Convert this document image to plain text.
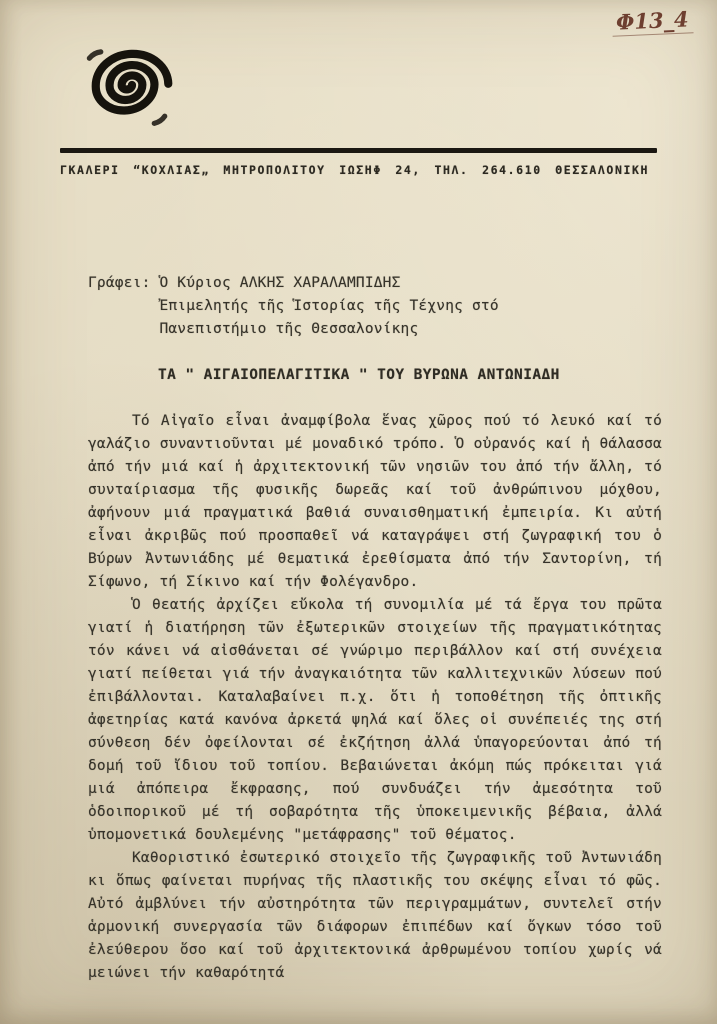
Φ13_4
ΓΚΑΛΕΡΙ “ΚΟΧΛΙΑΣ„ ΜΗΤΡΟΠΟΛΙΤΟΥ ΙΩΣΗΦ 24, ΤΗΛ. 264.610 ΘΕΣΣΑΛΟΝΙΚΗ
Γράφει: Ὁ Κύριος ΑΛΚΗΣ ΧΑΡΑΛΑΜΠΙΔΗΣ
Ἐπιμελητής τῆς Ἱστορίας τῆς Τέχνης στό
Πανεπιστήμιο τῆς Θεσσαλονίκης
ΤΑ " ΑΙΓΑΙΟΠΕΛΑΓΙΤΙΚΑ " ΤΟΥ ΒΥΡΩΝΑ ΑΝΤΩΝΙΑΔΗ

Τό Αἰγαῖο εἶναι ἀναμφίβολα ἕνας χῶρος πού τό λευκό καί τό γαλάζιο συναντιοῦνται μέ μοναδικό τρόπο. Ὁ οὐρανός καί ἡ θάλασσα ἀπό τήν μιά καί ἡ ἀρχιτεκτονική τῶν νησιῶν του ἀπό τήν ἄλλη, τό συνταίριασμα τῆς φυσικῆς δωρεᾶς καί τοῦ ἀνθρώπινου μόχθου, ἀφήνουν μιά πραγματικά βαθιά συναισθηματική ἐμπειρία. Κι αὐτή εἶναι ἀκριβῶς πού προσπαθεῖ νά καταγράψει στή ζωγραφική του ὁ Βύρων Ἀντωνιάδης μέ θεματικά ἐρεθίσματα ἀπό τήν Σαντορίνη, τή Σίφωνο, τή Σίκινο καί τήν Φολέγανδρο.

Ὁ θεατής ἀρχίζει εὔκολα τή συνομιλία μέ τά ἔργα του πρῶτα γιατί ἡ διατήρηση τῶν ἐξωτερικῶν στοιχείων τῆς πραγματικότητας τόν κάνει νά αἰσθάνεται σέ γνώριμο περιβάλλον καί στή συνέχεια γιατί πείθεται γιά τήν ἀναγκαιότητα τῶν καλλιτεχνικῶν λύσεων πού ἐπιβάλλονται. Καταλαβαίνει π.χ. ὅτι ἡ τοποθέτηση τῆς ὀπτικῆς ἀφετηρίας κατά κανόνα ἀρκετά ψηλά καί ὅλες οἱ συνέπειές της στή σύνθεση δέν ὀφείλονται σέ ἐκζήτηση ἀλλά ὑπαγορεύονται ἀπό τή δομή τοῦ ἴδιου τοῦ τοπίου. Βεβαιώνεται ἀκόμη πώς πρόκειται γιά μιά ἀπόπειρα ἔκφρασης, πού συνδυάζει τήν ἀμεσότητα τοῦ ὁδοιπορικοῦ μέ τή σοβαρότητα τῆς ὑποκειμενικῆς βέβαια, ἀλλά ὑπομονετικά δουλεμένης "μετάφρασης" τοῦ θέματος.

Καθοριστικό ἐσωτερικό στοιχεῖο τῆς ζωγραφικῆς τοῦ Ἀντωνιάδη κι ὅπως φαίνεται πυρήνας τῆς πλαστικῆς του σκέψης εἶναι τό φῶς. Αὐτό ἀμβλύνει τήν αὐστηρότητα τῶν περιγραμμάτων, συντελεῖ στήν ἁρμονική συνεργασία τῶν διάφορων ἐπιπέδων καί ὄγκων τόσο τοῦ ἐλεύθερου ὅσο καί τοῦ ἀρχιτεκτονικά ἀρθρωμένου τοπίου χωρίς νά μειώνει τήν καθαρότητά
